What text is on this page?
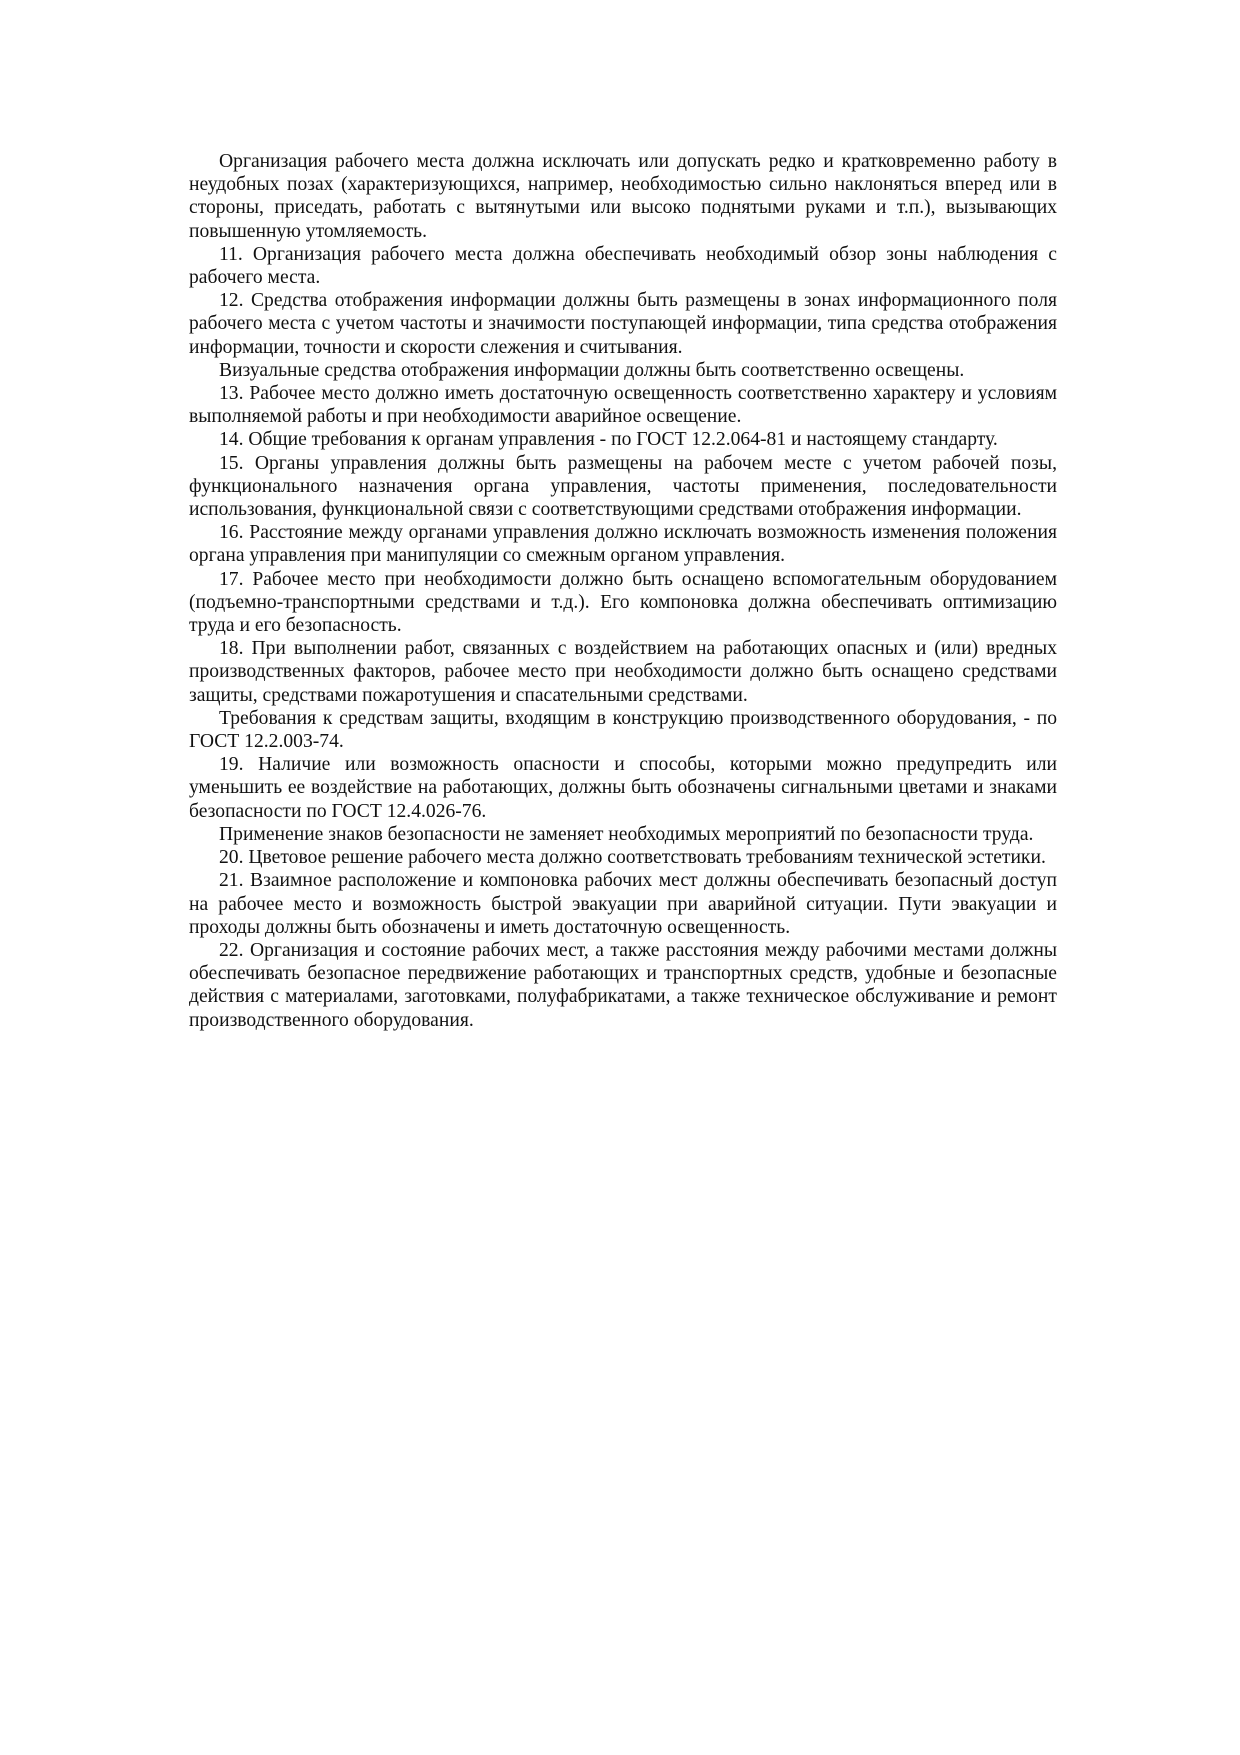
Организация рабочего места должна исключать или допускать редко и кратковременно работу в неудобных позах (характеризующихся, например, необходимостью сильно наклоняться вперед или в стороны, приседать, работать с вытянутыми или высоко поднятыми руками и т.п.), вызывающих повышенную утомляемость.

11. Организация рабочего места должна обеспечивать необходимый обзор зоны наблюдения с рабочего места.

12. Средства отображения информации должны быть размещены в зонах информационного поля рабочего места с учетом частоты и значимости поступающей информации, типа средства отображения информации, точности и скорости слежения и считывания.

Визуальные средства отображения информации должны быть соответственно освещены.

13. Рабочее место должно иметь достаточную освещенность соответственно характеру и условиям выполняемой работы и при необходимости аварийное освещение.

14. Общие требования к органам управления - по ГОСТ 12.2.064-81 и настоящему стандарту.

15. Органы управления должны быть размещены на рабочем месте с учетом рабочей позы, функционального назначения органа управления, частоты применения, последовательности использования, функциональной связи с соответствующими средствами отображения информации.

16. Расстояние между органами управления должно исключать возможность изменения положения органа управления при манипуляции со смежным органом управления.

17. Рабочее место при необходимости должно быть оснащено вспомогательным оборудованием (подъемно-транспортными средствами и т.д.). Его компоновка должна обеспечивать оптимизацию труда и его безопасность.

18. При выполнении работ, связанных с воздействием на работающих опасных и (или) вредных производственных факторов, рабочее место при необходимости должно быть оснащено средствами защиты, средствами пожаротушения и спасательными средствами.

Требования к средствам защиты, входящим в конструкцию производственного оборудования, - по ГОСТ 12.2.003-74.

19. Наличие или возможность опасности и способы, которыми можно предупредить или уменьшить ее воздействие на работающих, должны быть обозначены сигнальными цветами и знаками безопасности по ГОСТ 12.4.026-76.

Применение знаков безопасности не заменяет необходимых мероприятий по безопасности труда.

20. Цветовое решение рабочего места должно соответствовать требованиям технической эстетики.

21. Взаимное расположение и компоновка рабочих мест должны обеспечивать безопасный доступ на рабочее место и возможность быстрой эвакуации при аварийной ситуации. Пути эвакуации и проходы должны быть обозначены и иметь достаточную освещенность.

22. Организация и состояние рабочих мест, а также расстояния между рабочими местами должны обеспечивать безопасное передвижение работающих и транспортных средств, удобные и безопасные действия с материалами, заготовками, полуфабрикатами, а также техническое обслуживание и ремонт производственного оборудования.
